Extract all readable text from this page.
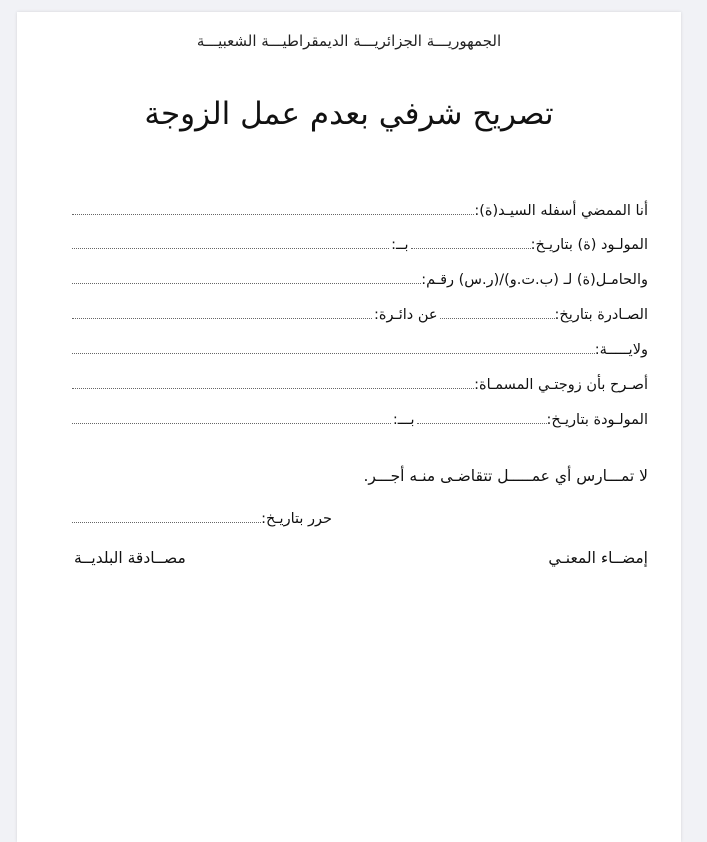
الجمهوريـــة الجزائريـــة الديمقراطيـــة الشعبيـــة
تصريح شرفي بعدم عمل الزوجة
أنا الممضي أسفله السيـد(ة):
المولـود (ة) بتاريـخ:
بــ:
والحامـل(ة) لـ (ب.ت.و)/(ر.س) رقـم:
الصـادرة بتاريخ:
عن دائـرة:
ولايـــــة:
أصـرح بأن زوجتـي المسمـاة:
المولـودة بتاريـخ:
بـــ:
لا تمـــارس أي عمـــــل تتقاضـى منـه أجـــر.
حرر بتاريـخ:
إمضــاء المعنـي
مصــادقة البلديــة
